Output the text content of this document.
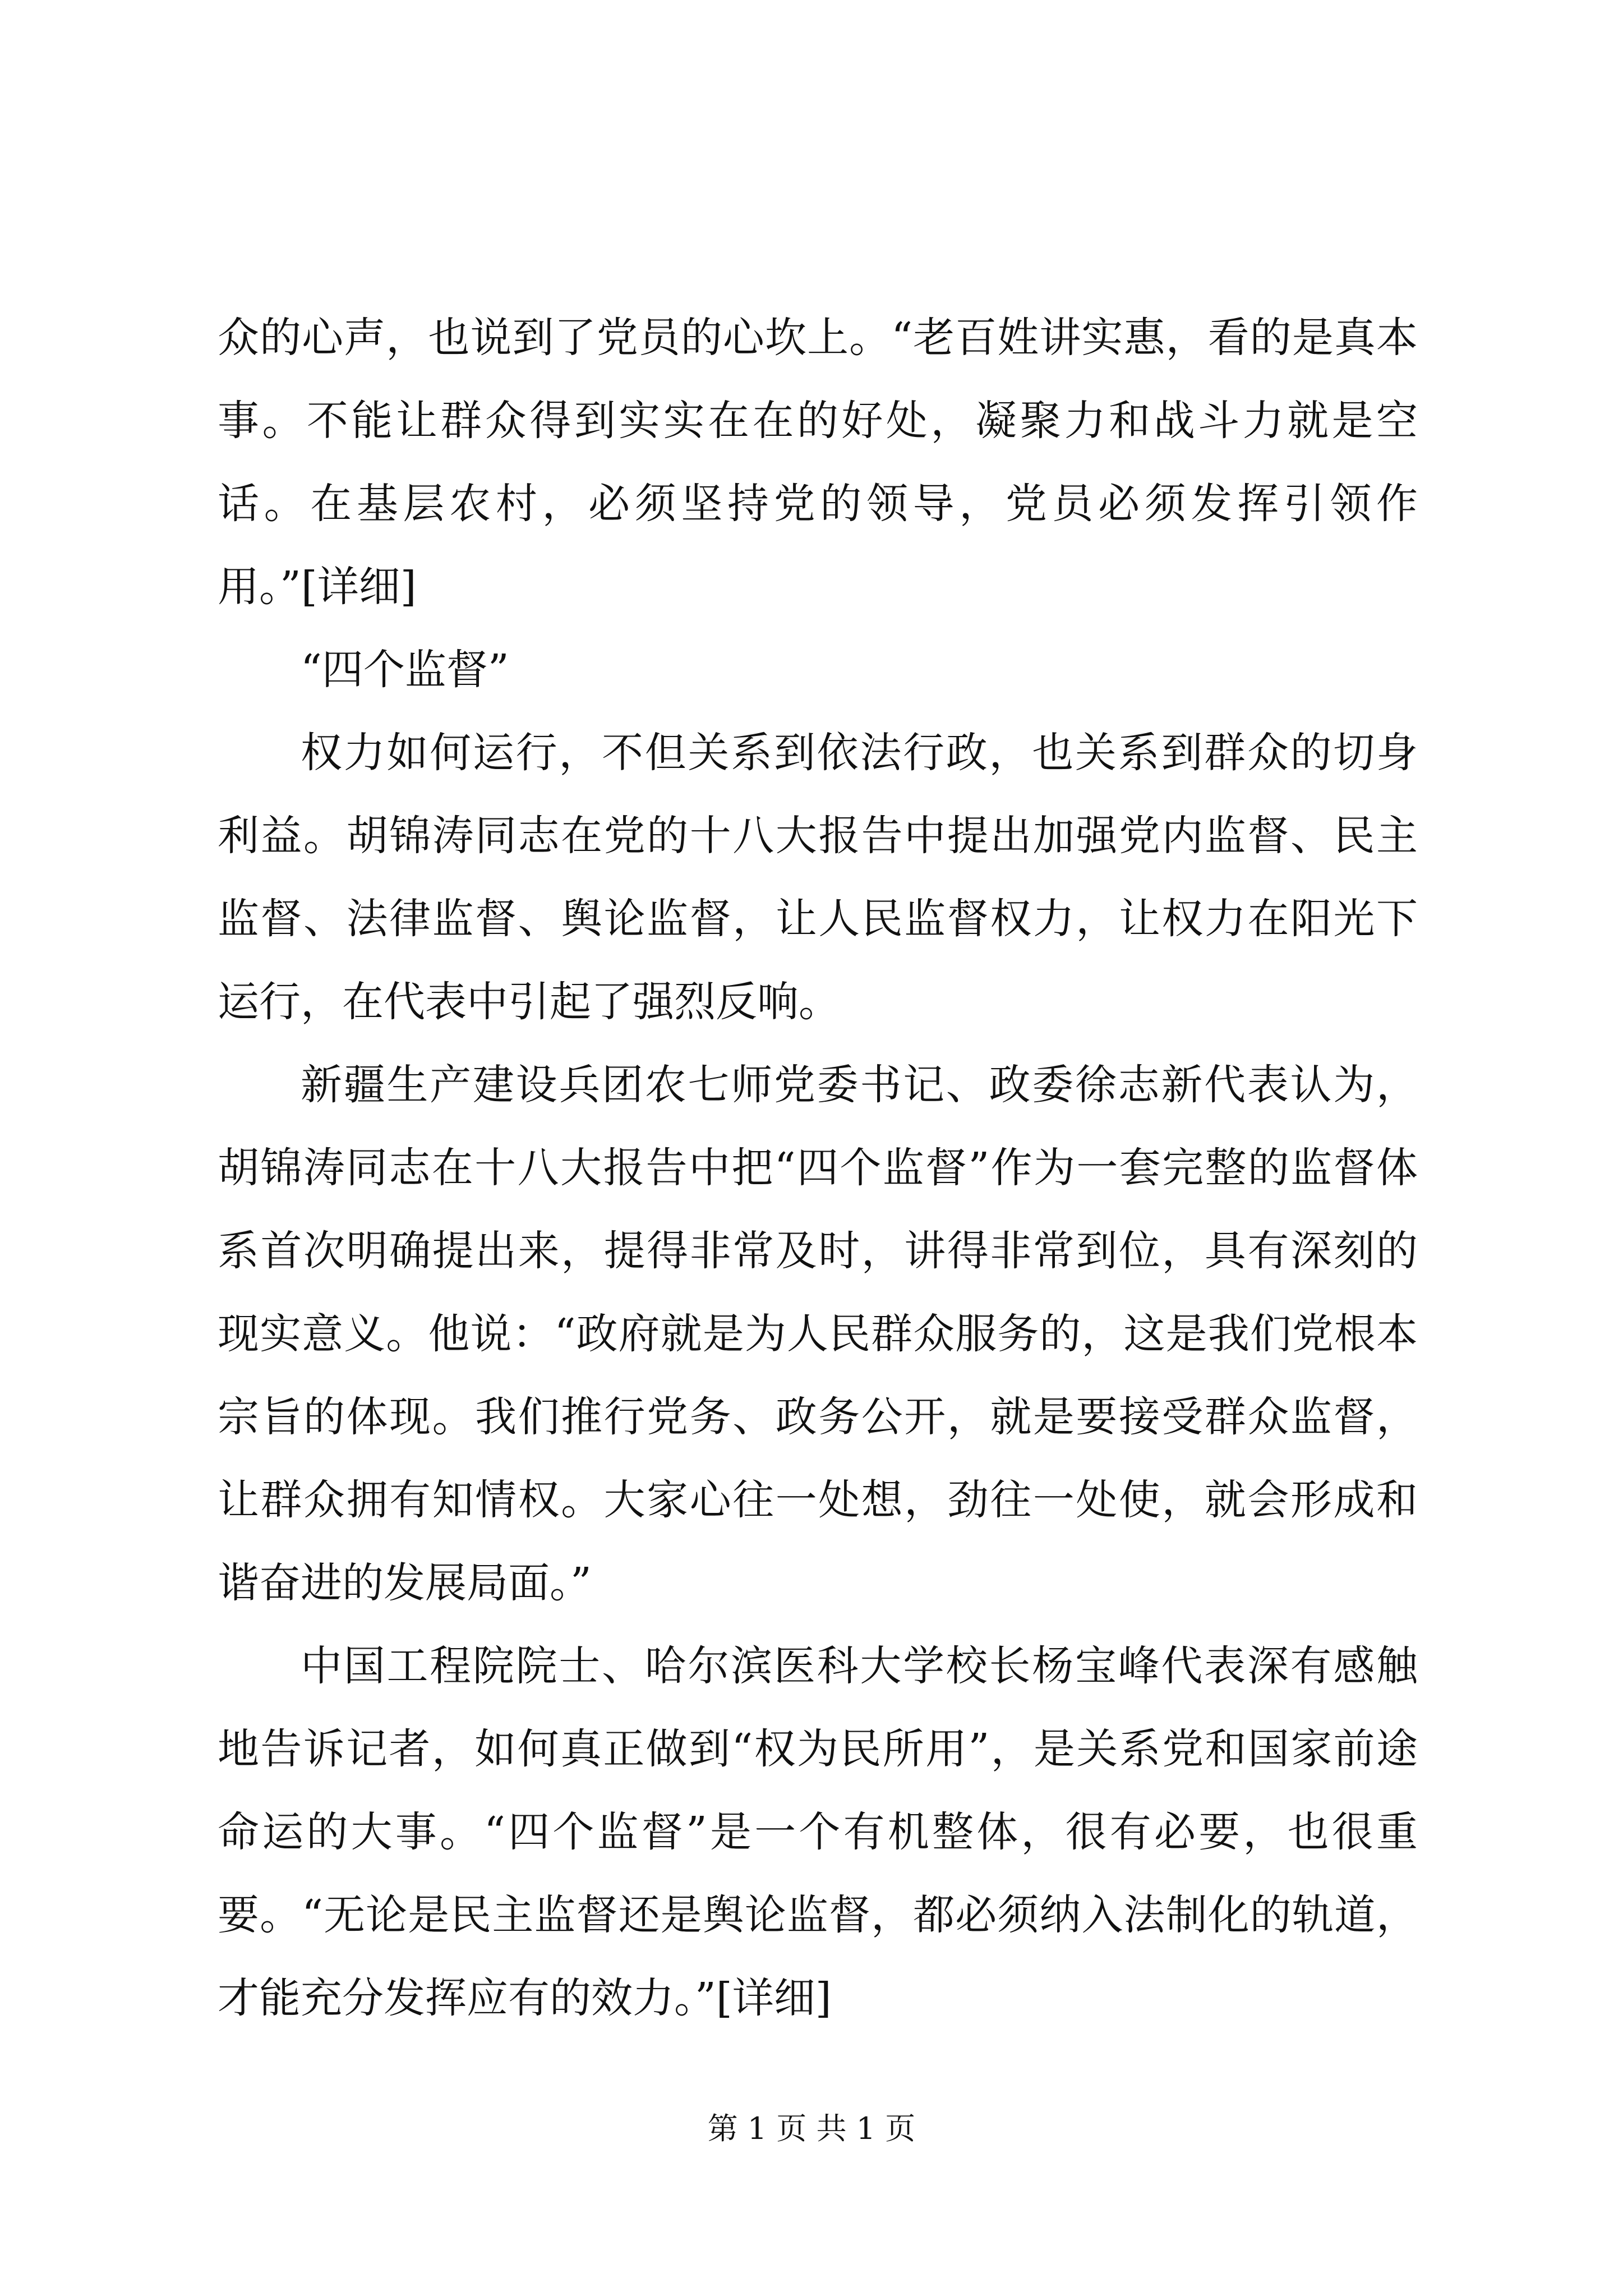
众的心声，也说到了党员的心坎上。“老百姓讲实惠，看的是真本事。不能让群众得到实实在在的好处，凝聚力和战斗力就是空话。在基层农村，必须坚持党的领导，党员必须发挥引领作用。”[详细]

“四个监督”

权力如何运行，不但关系到依法行政，也关系到群众的切身利益。胡锦涛同志在党的十八大报告中提出加强党内监督、民主监督、法律监督、舆论监督，让人民监督权力，让权力在阳光下运行，在代表中引起了强烈反响。

新疆生产建设兵团农七师党委书记、政委徐志新代表认为，胡锦涛同志在十八大报告中把“四个监督”作为一套完整的监督体系首次明确提出来，提得非常及时，讲得非常到位，具有深刻的现实意义。他说：“政府就是为人民群众服务的，这是我们党根本宗旨的体现。我们推行党务、政务公开，就是要接受群众监督，让群众拥有知情权。大家心往一处想，劲往一处使，就会形成和谐奋进的发展局面。”

中国工程院院士、哈尔滨医科大学校长杨宝峰代表深有感触地告诉记者，如何真正做到“权为民所用”，是关系党和国家前途命运的大事。“四个监督”是一个有机整体，很有必要，也很重要。“无论是民主监督还是舆论监督，都必须纳入法制化的轨道，才能充分发挥应有的效力。”[详细]

第 1 页 共 1 页
